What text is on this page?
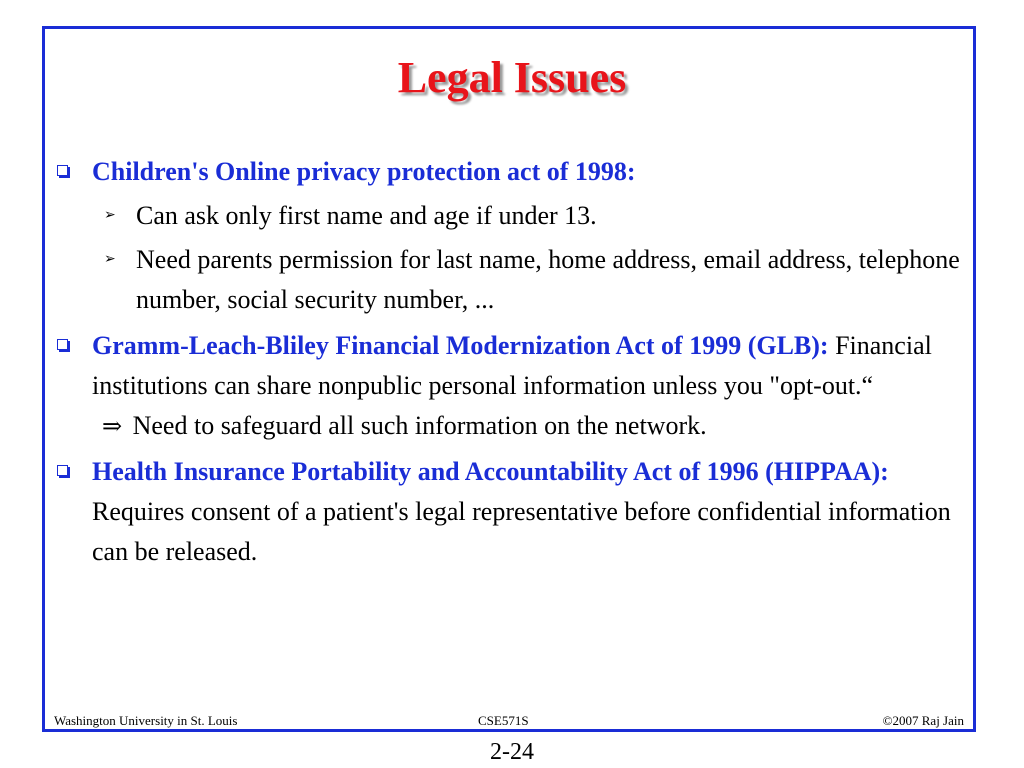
Legal Issues
Children's Online privacy protection act of 1998:
➢ Can ask only first name and age if under 13.
➢ Need parents permission for last name, home address, email address, telephone number, social security number, ...
Gramm-Leach-Bliley Financial Modernization Act of 1999 (GLB): Financial institutions can share nonpublic personal information unless you "opt-out.“
⇒ Need to safeguard all such information on the network.
Health Insurance Portability and Accountability Act of 1996 (HIPPAA): Requires consent of a patient's legal representative before confidential information can be released.
Washington University in St. Louis	CSE571S	©2007 Raj Jain
2-24
